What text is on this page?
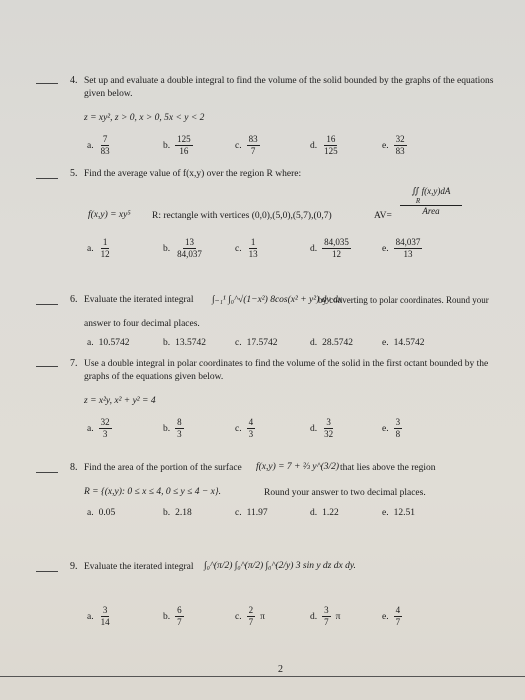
4. Set up and evaluate a double integral to find the volume of the solid bounded by the graphs of the equations
given below.
z = xy², z > 0, x > 0, 5x < y < 2
a. $\frac{7}{83}$	b. $\frac{125}{16}$	c. $\frac{83}{7}$	d. $\frac{16}{125}$	e. $\frac{32}{83}$
5. Find the average value of f(x,y) over the region R where:
f(x,y) = xy⁵ R: rectangle with vertices (0,0),(5,0),(5,7),(0,7)	AV=
∬ f(x,y)dA
R
Area
a. $\frac{1}{12}$	b. $\frac{13}{84,037}$	c. $\frac{1}{13}$	d. $\frac{84,035}{12}$	e. $\frac{84,037}{13}$
6. Evaluate the iterated integral ∫₋₁¹ ∫₀^√(1−x²) 8cos(x² + y²) dy dx
by converting to polar coordinates. Round your
answer to four decimal places.
a. 10.5742	b. 13.5742	c. 17.5742	d. 28.5742	e. 14.5742
7. Use a double integral in polar coordinates to find the volume of the solid in the first octant bounded by the
graphs of the equations given below.
z = x²y, x² + y² = 4
a. $\frac{32}{3}$	b. $\frac{8}{3}$	c. $\frac{4}{3}$	d. $\frac{3}{32}$	e. $\frac{3}{8}$
8. Find the area of the portion of the surface f(x,y) = 7 + ⅔ y^(3/2) that lies above the region
R = {(x,y): 0 ≤ x ≤ 4, 0 ≤ y ≤ 4 − x}.	Round your answer to two decimal places.
a. 0.05	b. 2.18	c. 11.97	d. 1.22	e. 12.51
9. Evaluate the iterated integral ∫₀^(π/2) ∫₀^(π/2) ∫₀^(2/y) 3 sin y dz dx dy.
a. $\frac{3}{14}$	b. $\frac{6}{7}$	c. $\frac{2}{7}$ π	d. $\frac{3}{7}$ π	e. $\frac{4}{7}$
2
